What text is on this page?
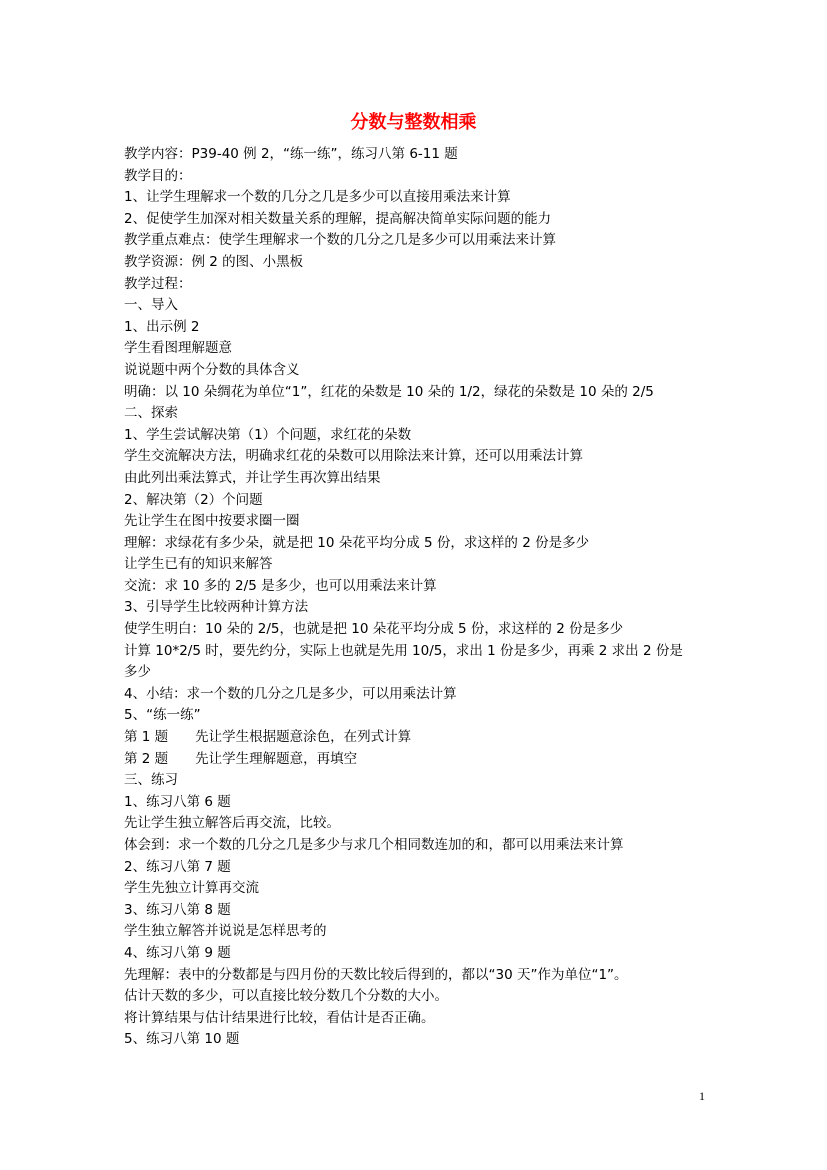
分数与整数相乘

教学内容：P39-40 例 2，“练一练”，练习八第 6-11 题

教学目的：

1、让学生理解求一个数的几分之几是多少可以直接用乘法来计算

2、促使学生加深对相关数量关系的理解，提高解决简单实际问题的能力

教学重点难点：使学生理解求一个数的几分之几是多少可以用乘法来计算

教学资源：例 2 的图、小黑板

教学过程：

一、导入

1、出示例 2

学生看图理解题意

说说题中两个分数的具体含义

明确：以 10 朵绸花为单位“1”，红花的朵数是 10 朵的 1/2，绿花的朵数是 10 朵的 2/5

二、探索

1、学生尝试解决第（1）个问题，求红花的朵数

学生交流解决方法，明确求红花的朵数可以用除法来计算，还可以用乘法计算

由此列出乘法算式，并让学生再次算出结果

2、解决第（2）个问题

先让学生在图中按要求圈一圈

理解：求绿花有多少朵，就是把 10 朵花平均分成 5 份，求这样的 2 份是多少

让学生已有的知识来解答

交流：求 10 多的 2/5 是多少，也可以用乘法来计算

3、引导学生比较两种计算方法

使学生明白：10 朵的 2/5，也就是把 10 朵花平均分成 5 份，求这样的 2 份是多少

计算 10*2/5 时，要先约分，实际上也就是先用 10/5，求出 1 份是多少，再乘 2 求出 2 份是

多少

4、小结：求一个数的几分之几是多少，可以用乘法计算

5、“练一练”

第 1 题　　先让学生根据题意涂色，在列式计算

第 2 题　　先让学生理解题意，再填空

三、练习

1、练习八第 6 题

先让学生独立解答后再交流，比较。

体会到：求一个数的几分之几是多少与求几个相同数连加的和，都可以用乘法来计算

2、练习八第 7 题

学生先独立计算再交流

3、练习八第 8 题

学生独立解答并说说是怎样思考的

4、练习八第 9 题

先理解：表中的分数都是与四月份的天数比较后得到的，都以“30 天”作为单位“1”。

估计天数的多少，可以直接比较分数几个分数的大小。

将计算结果与估计结果进行比较，看估计是否正确。

5、练习八第 10 题

1
